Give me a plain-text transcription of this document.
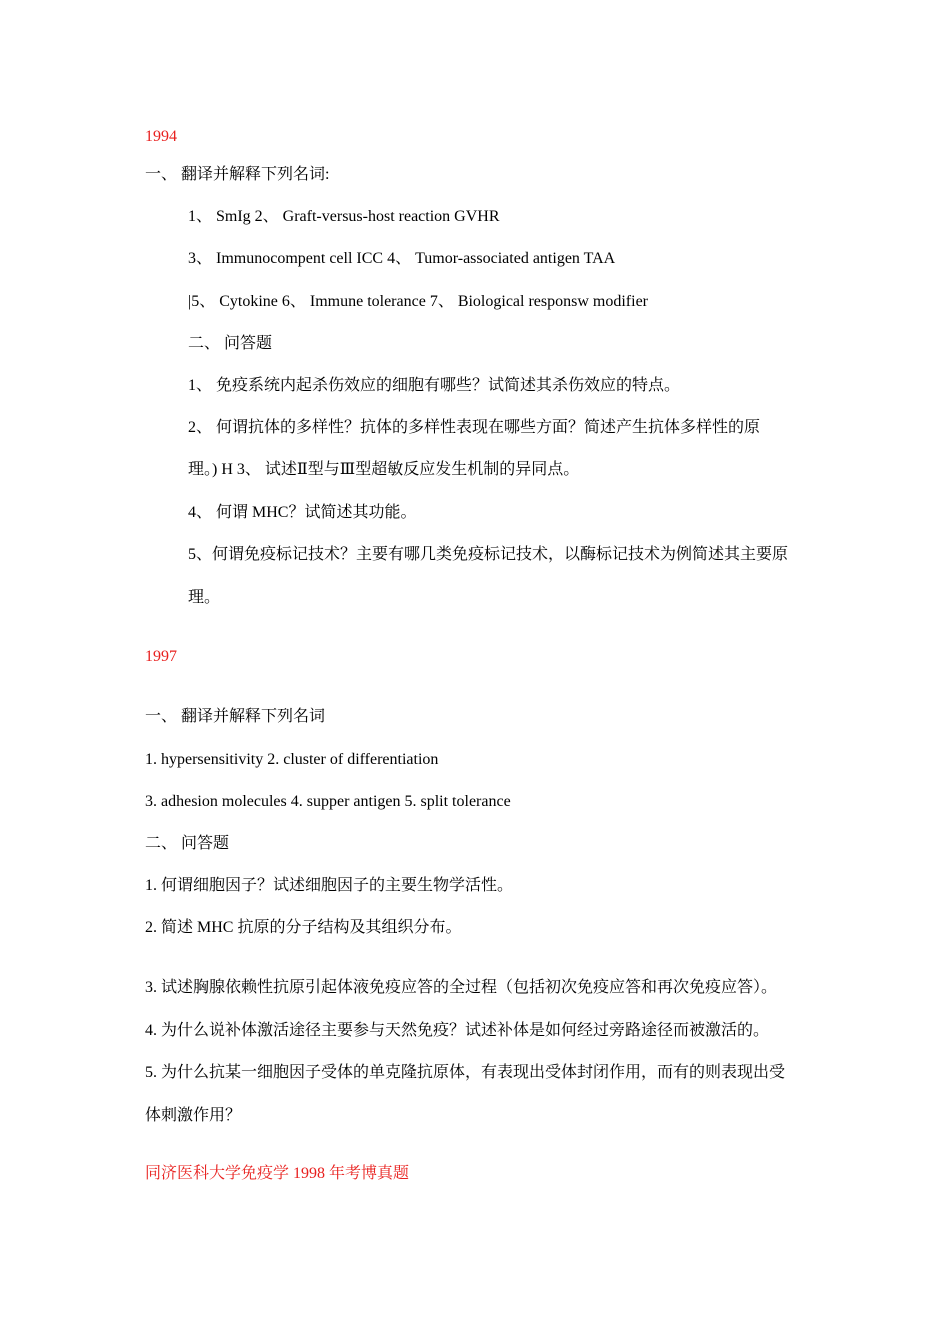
1994
一、 翻译并解释下列名词:
1、 SmIg 2、 Graft-versus-host reaction GVHR
3、 Immunocompent cell ICC 4、 Tumor-associated antigen TAA
|5、 Cytokine 6、 Immune tolerance 7、 Biological responsw modifier
二、 问答题
1、 免疫系统内起杀伤效应的细胞有哪些？试简述其杀伤效应的特点。
2、 何谓抗体的多样性？抗体的多样性表现在哪些方面？简述产生抗体多样性的原
理。) H 3、 试述Ⅱ型与Ⅲ型超敏反应发生机制的异同点。
4、 何谓 MHC？试简述其功能。
5、何谓免疫标记技术？主要有哪几类免疫标记技术，以酶标记技术为例简述其主要原
理。
1997
一、 翻译并解释下列名词
1. hypersensitivity 2. cluster of differentiation
3. adhesion molecules 4. supper antigen 5. split tolerance
二、 问答题
1. 何谓细胞因子？试述细胞因子的主要生物学活性。
2. 简述 MHC 抗原的分子结构及其组织分布。
3. 试述胸腺依赖性抗原引起体液免疫应答的全过程（包括初次免疫应答和再次免疫应答）。
4. 为什么说补体激活途径主要参与天然免疫？试述补体是如何经过旁路途径而被激活的。
5. 为什么抗某一细胞因子受体的单克隆抗原体，有表现出受体封闭作用，而有的则表现出受
体刺激作用？
同济医科大学免疫学 1998 年考博真题
